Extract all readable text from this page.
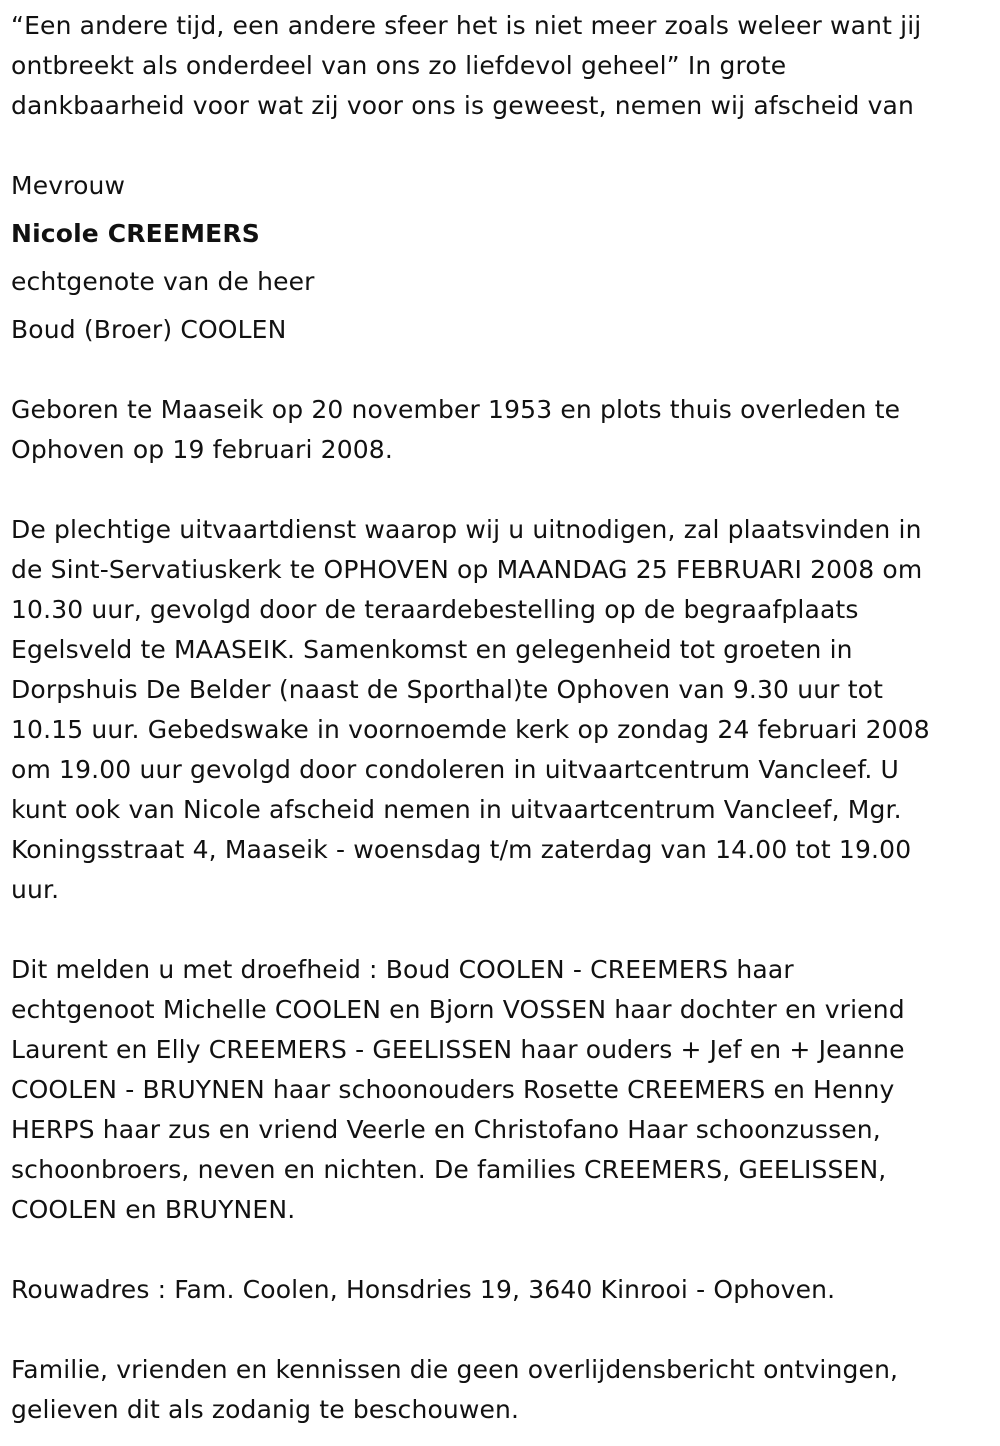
“Een andere tijd, een andere sfeer het is niet meer zoals weleer want jij
ontbreekt als onderdeel van ons zo liefdevol geheel” In grote
dankbaarheid voor wat zij voor ons is geweest, nemen wij afscheid van

Mevrouw
Nicole CREEMERS
echtgenote van de heer
Boud (Broer) COOLEN

Geboren te Maaseik op 20 november 1953 en plots thuis overleden te
Ophoven op 19 februari 2008.

De plechtige uitvaartdienst waarop wij u uitnodigen, zal plaatsvinden in
de Sint-Servatiuskerk te OPHOVEN op MAANDAG 25 FEBRUARI 2008 om
10.30 uur, gevolgd door de teraardebestelling op de begraafplaats
Egelsveld te MAASEIK. Samenkomst en gelegenheid tot groeten in
Dorpshuis De Belder (naast de Sporthal)te Ophoven van 9.30 uur tot
10.15 uur. Gebedswake in voornoemde kerk op zondag 24 februari 2008
om 19.00 uur gevolgd door condoleren in uitvaartcentrum Vancleef. U
kunt ook van Nicole afscheid nemen in uitvaartcentrum Vancleef, Mgr.
Koningsstraat 4, Maaseik - woensdag t/m zaterdag van 14.00 tot 19.00
uur.

Dit melden u met droefheid : Boud COOLEN - CREEMERS haar
echtgenoot Michelle COOLEN en Bjorn VOSSEN haar dochter en vriend
Laurent en Elly CREEMERS - GEELISSEN haar ouders + Jef en + Jeanne
COOLEN - BRUYNEN haar schoonouders Rosette CREEMERS en Henny
HERPS haar zus en vriend Veerle en Christofano Haar schoonzussen,
schoonbroers, neven en nichten. De families CREEMERS, GEELISSEN,
COOLEN en BRUYNEN.

Rouwadres : Fam. Coolen, Honsdries 19, 3640 Kinrooi - Ophoven.

Familie, vrienden en kennissen die geen overlijdensbericht ontvingen,
gelieven dit als zodanig te beschouwen.
